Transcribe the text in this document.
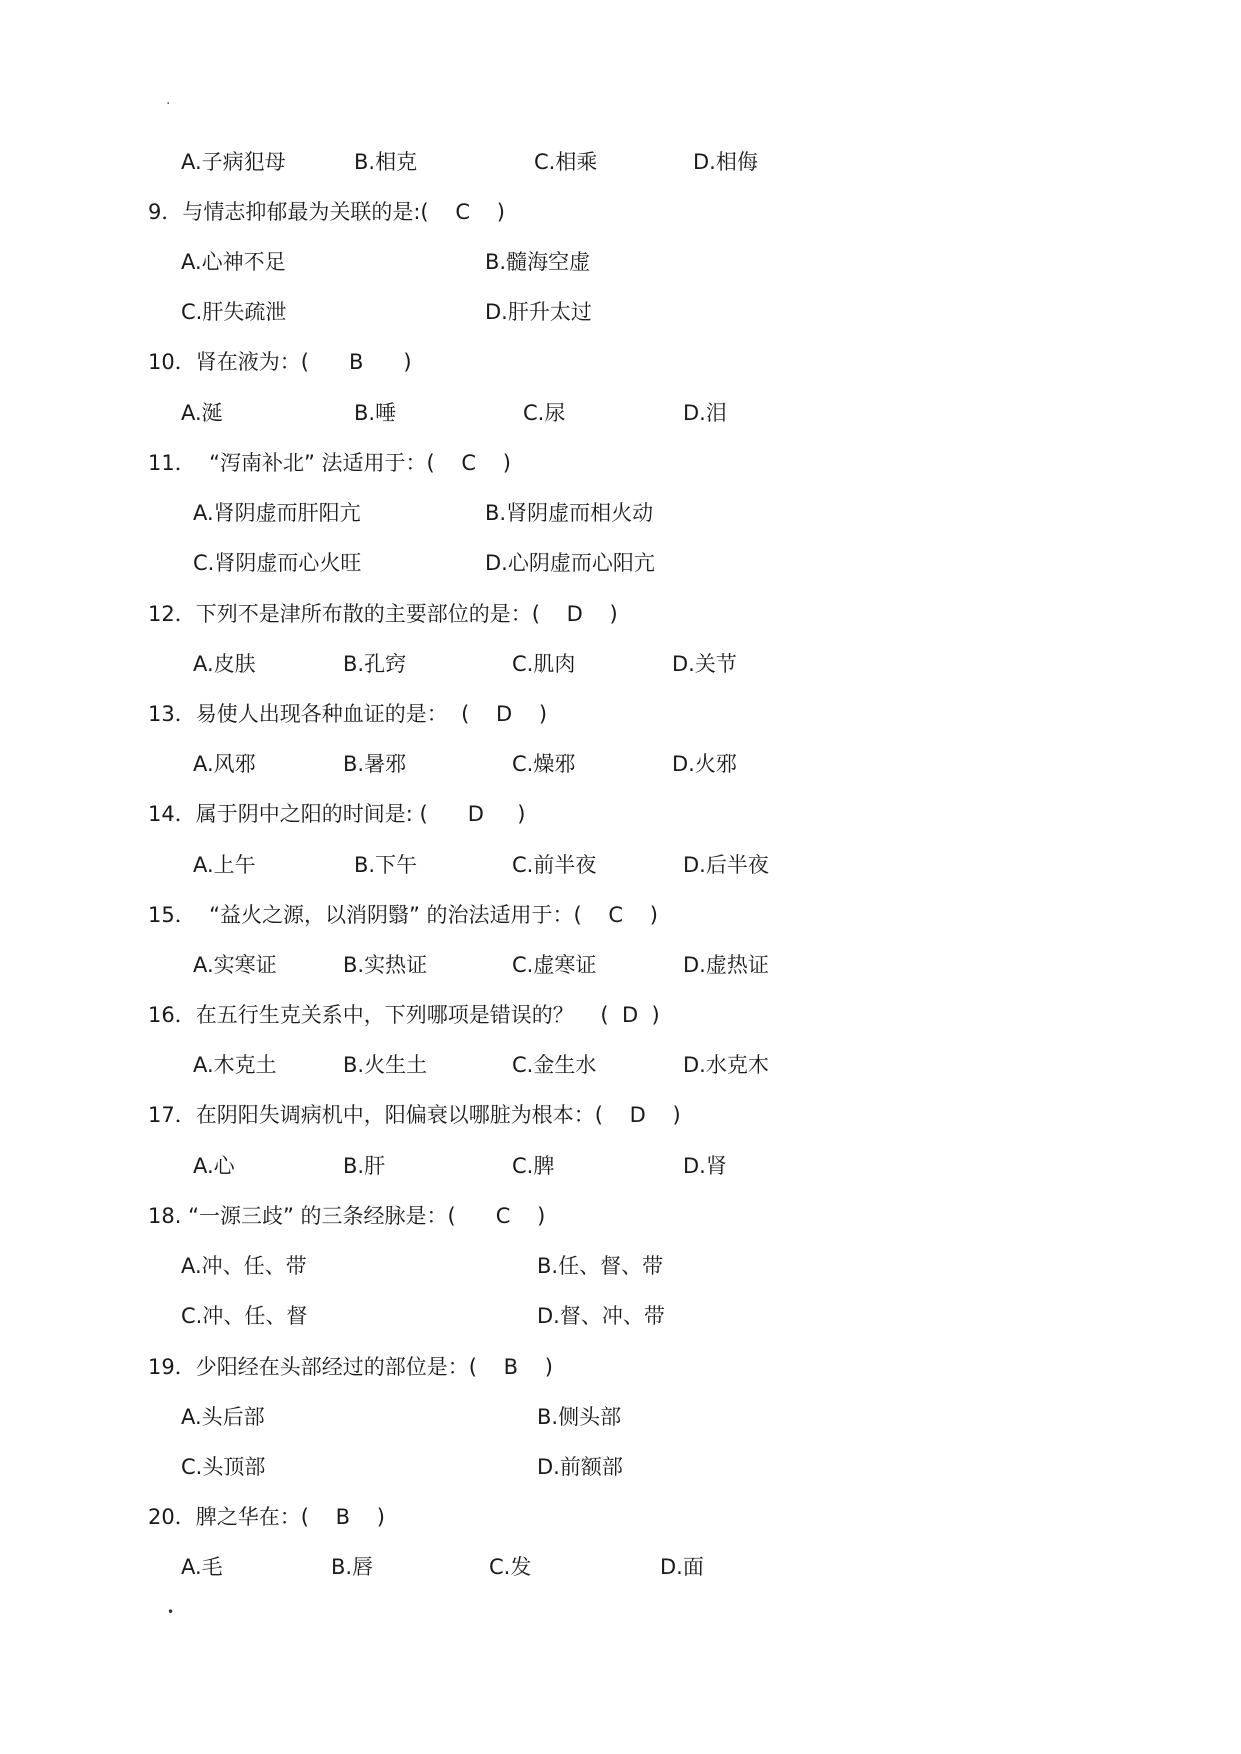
.
A.子病犯母	B.相克	C.相乘	D.相侮
9．与情志抑郁最为关联的是:(    C    )
A.心神不足	B.髓海空虚
C.肝失疏泄	D.肝升太过
10．肾在液为：(      B      )
A.涎	B.唾	C.尿	D.泪
11．  “泻南补北” 法适用于：(    C    )
A.肾阴虚而肝阳亢	B.肾阴虚而相火动
C.肾阴虚而心火旺	D.心阴虚而心阳亢
12．下列不是津所布散的主要部位的是：(    D    )
A.皮肤	B.孔窍	C.肌肉	D.关节
13．易使人出现各种血证的是：  (    D    )
A.风邪	B.暑邪	C.燥邪	D.火邪
14．属于阴中之阳的时间是: (      D     )
A.上午	B.下午	C.前半夜	D.后半夜
15．  “益火之源，以消阴翳” 的治法适用于：(    C    )
A.实寒证	B.实热证	C.虚寒证	D.虚热证
16．在五行生克关系中，下列哪项是错误的？    (  D  )
A.木克土	B.火生土	C.金生水	D.水克木
17．在阴阳失调病机中，阳偏衰以哪脏为根本：(    D    )
A.心	B.肝	C.脾	D.肾
18. “一源三歧” 的三条经脉是：(      C    )
A.冲、任、带	B.任、督、带
C.冲、任、督	D.督、冲、带
19．少阳经在头部经过的部位是：(    B    )
A.头后部	B.侧头部
C.头顶部	D.前额部
20．脾之华在：(    B    )
A.毛	B.唇	C.发	D.面
•
